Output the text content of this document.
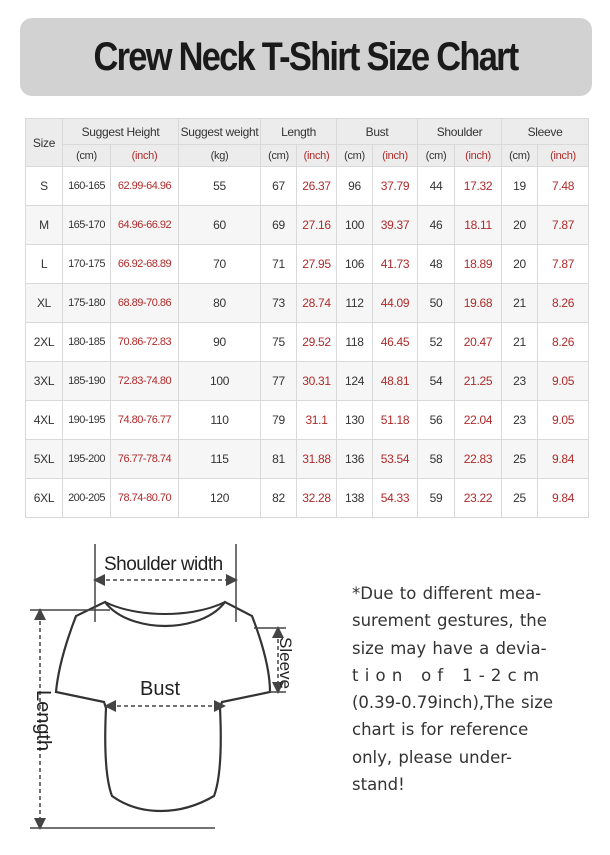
Crew Neck T-Shirt Size Chart
Size	Suggest Height		Suggest weight	Length		Bust		Shoulder		Sleeve	
	(cm)	(inch)	(kg)	(cm)	(inch)	(cm)	(inch)	(cm)	(inch)	(cm)	(inch)
S	160-165	62.99-64.96	55	67	26.37	96	37.79	44	17.32	19	7.48
M	165-170	64.96-66.92	60	69	27.16	100	39.37	46	18.11	20	7.87
L	170-175	66.92-68.89	70	71	27.95	106	41.73	48	18.89	20	7.87
XL	175-180	68.89-70.86	80	73	28.74	112	44.09	50	19.68	21	8.26
2XL	180-185	70.86-72.83	90	75	29.52	118	46.45	52	20.47	21	8.26
3XL	185-190	72.83-74.80	100	77	30.31	124	48.81	54	21.25	23	9.05
4XL	190-195	74.80-76.77	110	79	31.1	130	51.18	56	22.04	23	9.05
5XL	195-200	76.77-78.74	115	81	31.88	136	53.54	58	22.83	25	9.84
6XL	200-205	78.74-80.70	120	82	32.28	138	54.33	59	23.22	25	9.84
Shoulder width
Bust
Length
Sleeve
*Due to different mea-
surement gestures, the
size may have a devia-
t i o n   o f   1 - 2 c m
(0.39-0.79inch),The size
chart is for reference
only, please under-
stand!
